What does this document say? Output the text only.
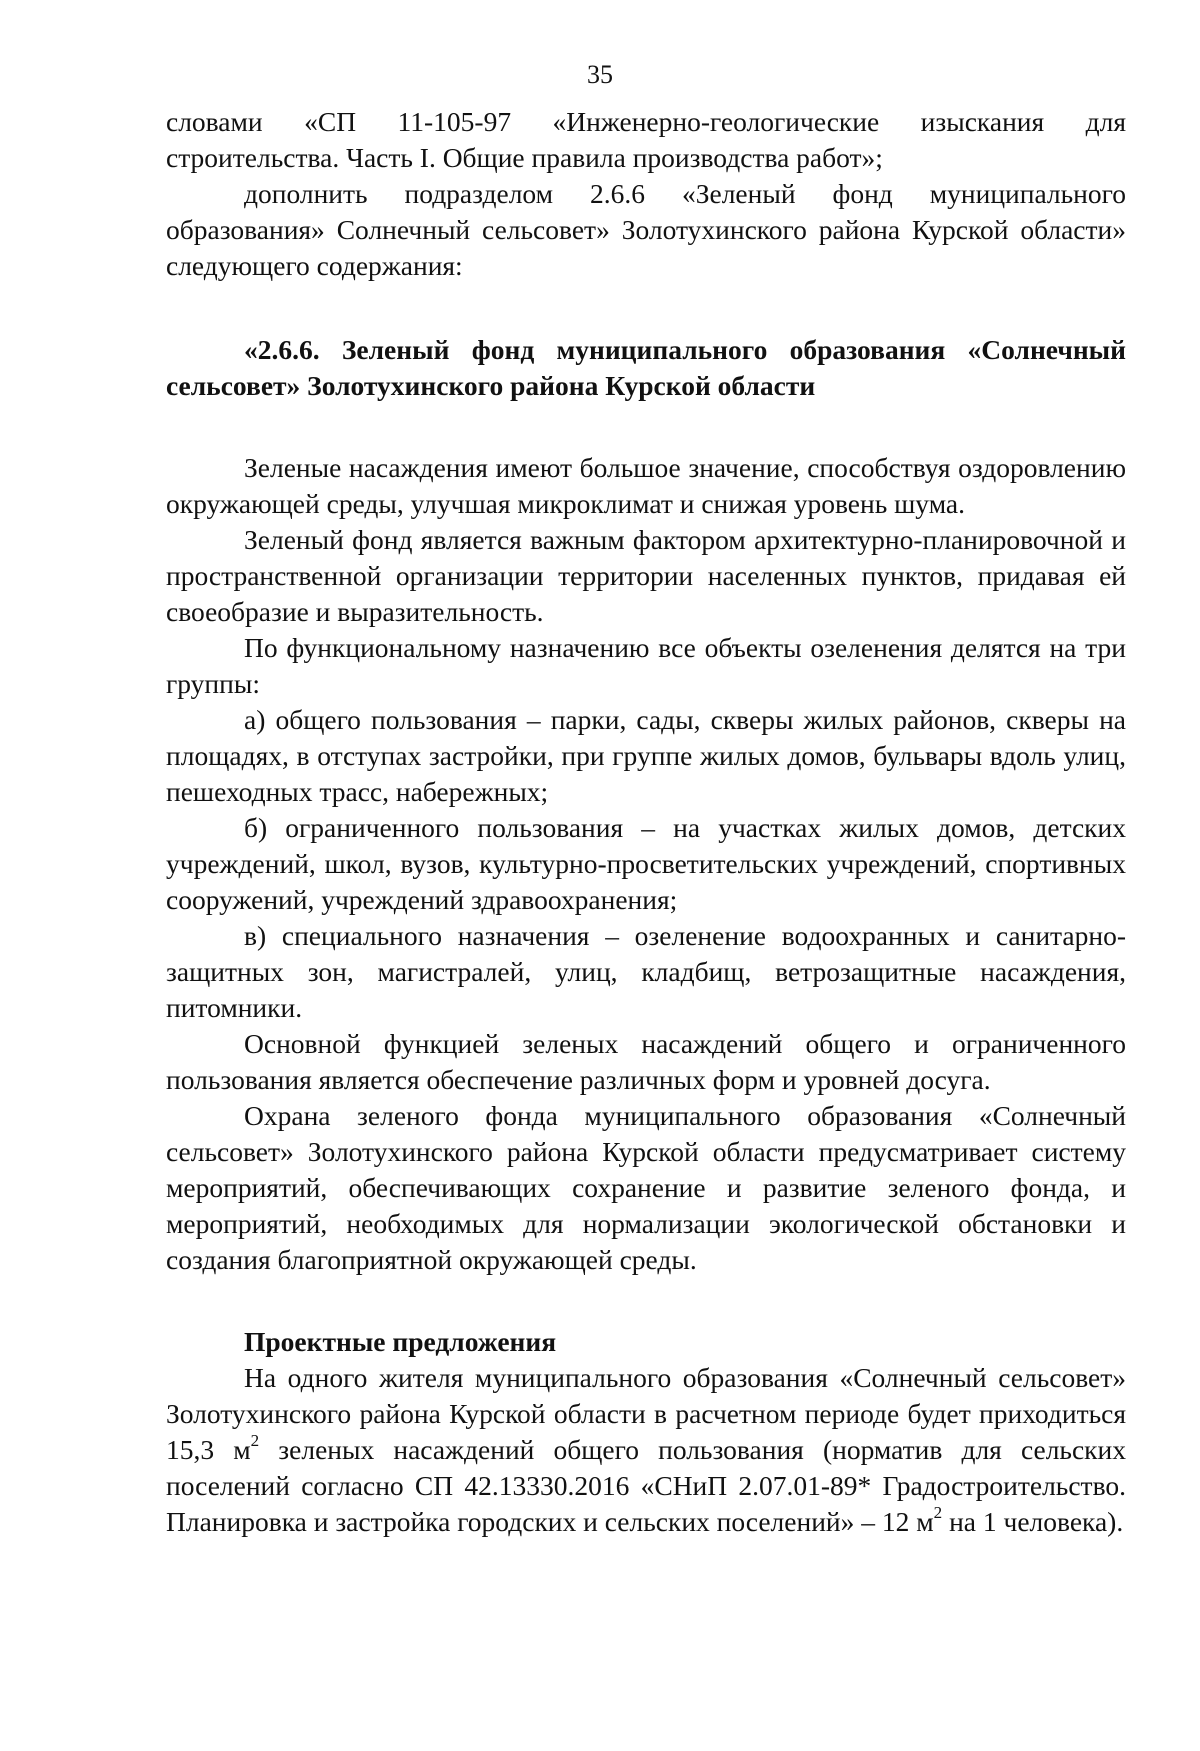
35

словами «СП 11-105-97 «Инженерно-геологические изыскания для строительства. Часть I. Общие правила производства работ»;

дополнить подразделом 2.6.6 «Зеленый фонд муниципального образования» Солнечный сельсовет» Золотухинского района Курской области» следующего содержания:

«2.6.6. Зеленый фонд муниципального образования «Солнечный сельсовет» Золотухинского района Курской области

Зеленые насаждения имеют большое значение, способствуя оздоровлению окружающей среды, улучшая микроклимат и снижая уровень шума.

Зеленый фонд является важным фактором архитектурно-планировочной и пространственной организации территории населенных пунктов, придавая ей своеобразие и выразительность.

По функциональному назначению все объекты озеленения делятся на три группы:

а) общего пользования – парки, сады, скверы жилых районов, скверы на площадях, в отступах застройки, при группе жилых домов, бульвары вдоль улиц, пешеходных трасс, набережных;

б) ограниченного пользования – на участках жилых домов, детских учреждений, школ, вузов, культурно-просветительских учреждений, спортивных сооружений, учреждений здравоохранения;

в) специального назначения – озеленение водоохранных и санитарно-защитных зон, магистралей, улиц, кладбищ, ветрозащитные насаждения, питомники.

Основной функцией зеленых насаждений общего и ограниченного пользования является обеспечение различных форм и уровней досуга.

Охрана зеленого фонда муниципального образования «Солнечный сельсовет» Золотухинского района Курской области предусматривает систему мероприятий, обеспечивающих сохранение и развитие зеленого фонда, и мероприятий, необходимых для нормализации экологической обстановки и создания благоприятной окружающей среды.

Проектные предложения

На одного жителя муниципального образования «Солнечный сельсовет» Золотухинского района Курской области в расчетном периоде будет приходиться 15,3 $м^2$ зеленых насаждений общего пользования (норматив для сельских поселений согласно СП 42.13330.2016 «СНиП 2.07.01-89* Градостроительство. Планировка и застройка городских и сельских поселений» – 12 $м^2$ на 1 человека).
